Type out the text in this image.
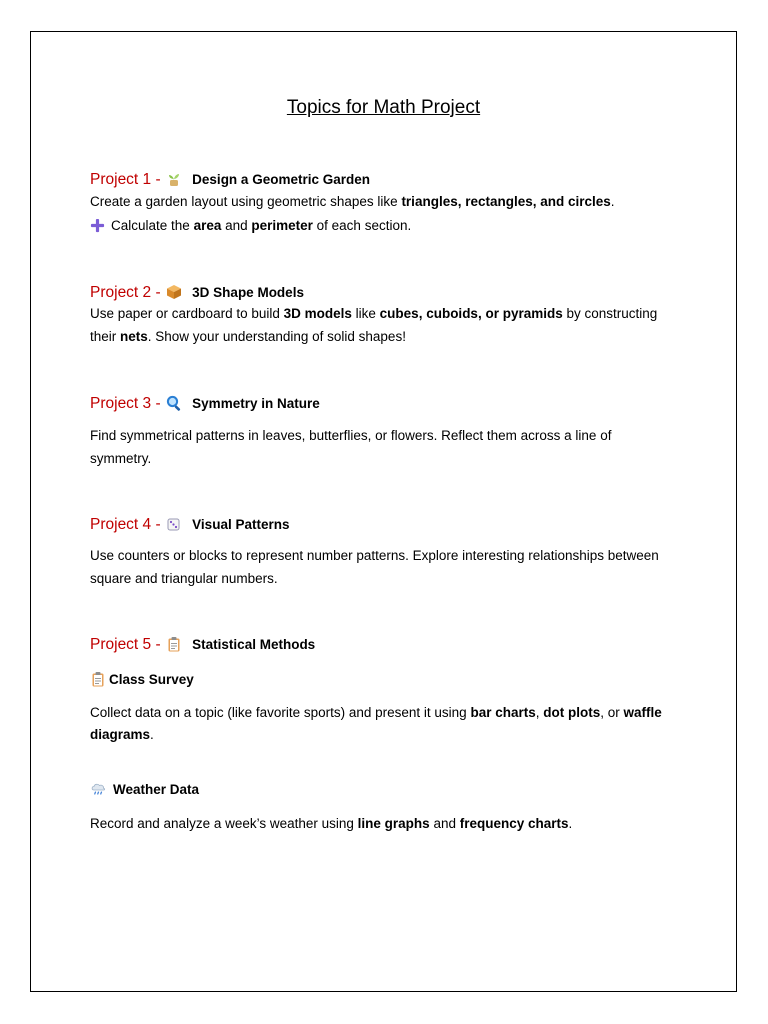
Topics for Math Project
Project 1 - Design a Geometric Garden
Create a garden layout using geometric shapes like triangles, rectangles, and circles.
Calculate the area and perimeter of each section.
Project 2 - 3D Shape Models
Use paper or cardboard to build 3D models like cubes, cuboids, or pyramids by constructing
their nets. Show your understanding of solid shapes!
Project 3 - Symmetry in Nature
Find symmetrical patterns in leaves, butterflies, or flowers. Reflect them across a line of
symmetry.
Project 4 - Visual Patterns
Use counters or blocks to represent number patterns. Explore interesting relationships between
square and triangular numbers.
Project 5 - Statistical Methods
Class Survey
Collect data on a topic (like favorite sports) and present it using bar charts, dot plots, or waffle
diagrams.
Weather Data
Record and analyze a week’s weather using line graphs and frequency charts.
